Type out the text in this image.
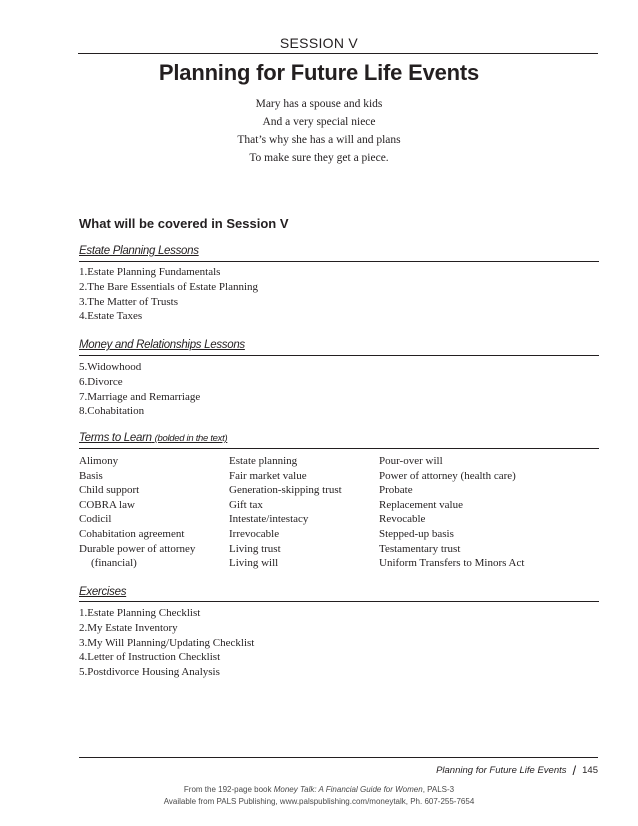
SESSION V
Planning for Future Life Events
Mary has a spouse and kids
And a very special niece
That’s why she has a will and plans
To make sure they get a piece.
What will be covered in Session V
Estate Planning Lessons
1.Estate Planning Fundamentals
2.The Bare Essentials of Estate Planning
3.The Matter of Trusts
4.Estate Taxes
Money and Relationships Lessons
5.Widowhood
6.Divorce
7.Marriage and Remarriage
8.Cohabitation
Terms to Learn (bolded in the text)
Alimony
Basis
Child support
COBRA law
Codicil
Cohabitation agreement
Durable power of attorney
(financial)
Estate planning
Fair market value
Generation-skipping trust
Gift tax
Intestate/intestacy
Irrevocable
Living trust
Living will
Pour-over will
Power of attorney (health care)
Probate
Replacement value
Revocable
Stepped-up basis
Testamentary trust
Uniform Transfers to Minors Act
Exercises
1.Estate Planning Checklist
2.My Estate Inventory
3.My Will Planning/Updating Checklist
4.Letter of Instruction Checklist
5.Postdivorce Housing Analysis
Planning for Future Life Events / 145
From the 192-page book Money Talk: A Financial Guide for Women, PALS-3
Available from PALS Publishing, www.palspublishing.com/moneytalk, Ph. 607-255-7654
